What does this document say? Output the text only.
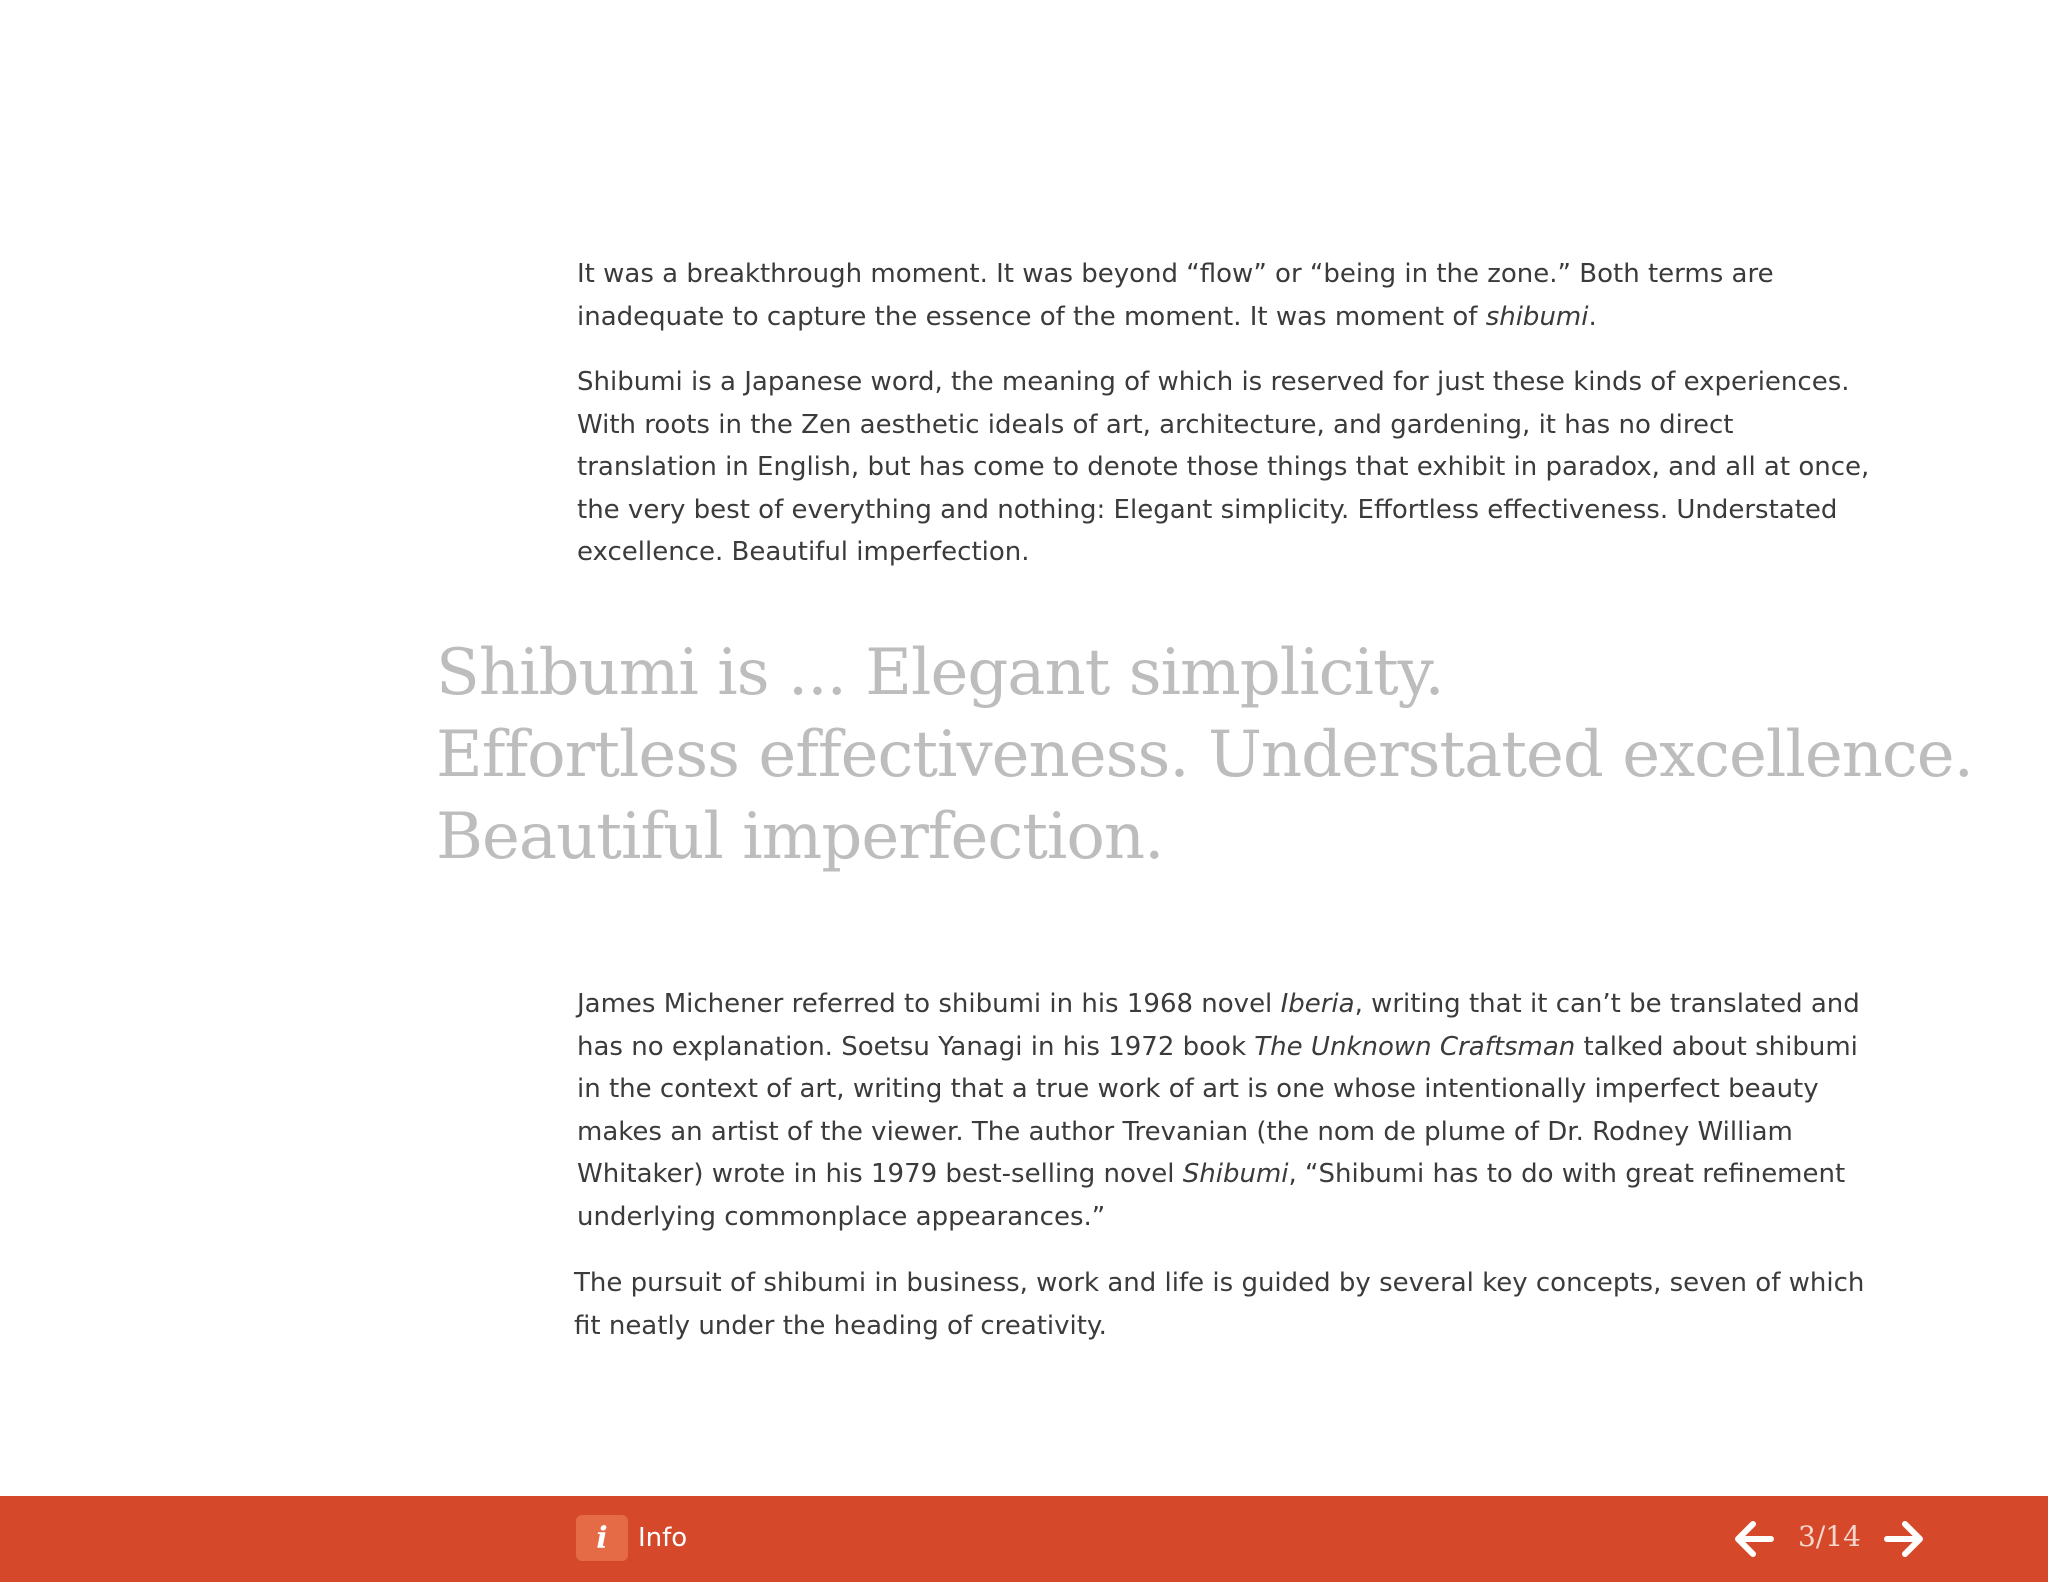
It was a breakthrough moment. It was beyond “flow” or “being in the zone.” Both terms are inadequate to capture the essence of the moment. It was moment of shibumi.

Shibumi is a Japanese word, the meaning of which is reserved for just these kinds of experiences. With roots in the Zen aesthetic ideals of art, architecture, and gardening, it has no direct translation in English, but has come to denote those things that exhibit in paradox, and all at once, the very best of everything and nothing: Elegant simplicity. Effortless effectiveness. Understated excellence. Beautiful imperfection.

Shibumi is ... Elegant simplicity.
Effortless effectiveness. Understated excellence.
Beautiful imperfection.

James Michener referred to shibumi in his 1968 novel Iberia, writing that it can’t be translated and has no explanation. Soetsu Yanagi in his 1972 book The Unknown Craftsman talked about shibumi in the context of art, writing that a true work of art is one whose intentionally imperfect beauty makes an artist of the viewer. The author Trevanian (the nom de plume of Dr. Rodney William Whitaker) wrote in his 1979 best-selling novel Shibumi, “Shibumi has to do with great refinement underlying commonplace appearances.”

The pursuit of shibumi in business, work and life is guided by several key concepts, seven of which fit neatly under the heading of creativity.

i Info	3/14
